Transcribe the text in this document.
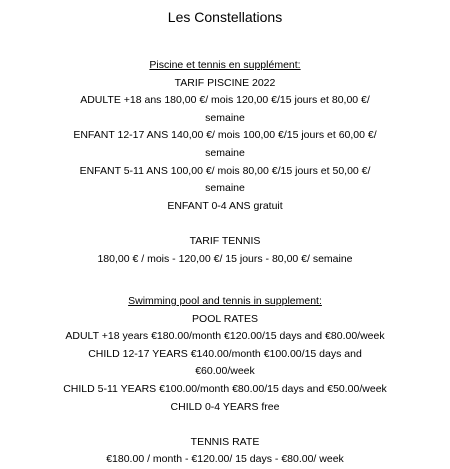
Les Constellations
Piscine et tennis en supplément:
TARIF PISCINE 2022
ADULTE +18 ans 180,00 €/ mois 120,00 €/15 jours et 80,00 €/
semaine
ENFANT 12-17 ANS 140,00 €/ mois 100,00 €/15 jours et 60,00 €/
semaine
ENFANT 5-11 ANS 100,00 €/ mois 80,00 €/15 jours et 50,00 €/
semaine
ENFANT 0-4 ANS gratuit
TARIF TENNIS
180,00 € / mois - 120,00 €/ 15 jours - 80,00 €/ semaine
Swimming pool and tennis in supplement:
POOL RATES
ADULT +18 years €180.00/month €120.00/15 days and €80.00/week
CHILD 12-17 YEARS €140.00/month €100.00/15 days and
€60.00/week
CHILD 5-11 YEARS €100.00/month €80.00/15 days and €50.00/week
CHILD 0-4 YEARS free
TENNIS RATE
€180.00 / month - €120.00/ 15 days - €80.00/ week
